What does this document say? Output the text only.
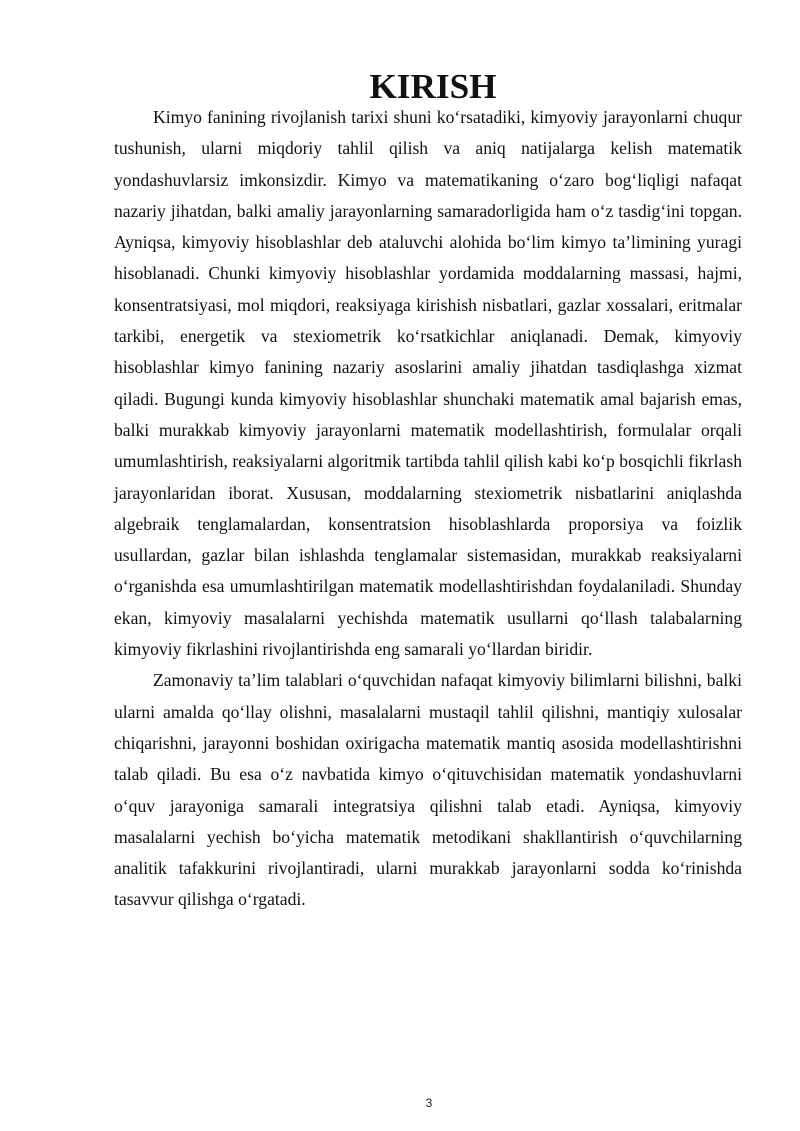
KIRISH

Kimyo fanining rivojlanish tarixi shuni ko‘rsatadiki, kimyoviy jarayonlarni chuqur tushunish, ularni miqdoriy tahlil qilish va aniq natijalarga kelish matematik yondashuvlarsiz imkonsizdir. Kimyo va matematikaning o‘zaro bog‘liqligi nafaqat nazariy jihatdan, balki amaliy jarayonlarning samaradorligida ham o‘z tasdig‘ini topgan. Ayniqsa, kimyoviy hisoblashlar deb ataluvchi alohida bo‘lim kimyo ta’limining yuragi hisoblanadi. Chunki kimyoviy hisoblashlar yordamida moddalarning massasi, hajmi, konsentratsiyasi, mol miqdori, reaksiyaga kirishish nisbatlari, gazlar xossalari, eritmalar tarkibi, energetik va stexiometrik ko‘rsatkichlar aniqlanadi. Demak, kimyoviy hisoblashlar kimyo fanining nazariy asoslarini amaliy jihatdan tasdiqlashga xizmat qiladi. Bugungi kunda kimyoviy hisoblashlar shunchaki matematik amal bajarish emas, balki murakkab kimyoviy jarayonlarni matematik modellashtirish, formulalar orqali umumlashtirish, reaksiyalarni algoritmik tartibda tahlil qilish kabi ko‘p bosqichli fikrlash jarayonlaridan iborat. Xususan, moddalarning stexiometrik nisbatlarini aniqlashda algebraik tenglamalardan, konsentratsion hisoblashlarda proporsiya va foizlik usullardan, gazlar bilan ishlashda tenglamalar sistemasidan, murakkab reaksiyalarni o‘rganishda esa umumlashtirilgan matematik modellashtirishdan foydalaniladi. Shunday ekan, kimyoviy masalalarni yechishda matematik usullarni qo‘llash talabalarning kimyoviy fikrlashini rivojlantirishda eng samarali yo‘llardan biridir.

Zamonaviy ta’lim talablari o‘quvchidan nafaqat kimyoviy bilimlarni bilishni, balki ularni amalda qo‘llay olishni, masalalarni mustaqil tahlil qilishni, mantiqiy xulosalar chiqarishni, jarayonni boshidan oxirigacha matematik mantiq asosida modellashtirishni talab qiladi. Bu esa o‘z navbatida kimyo o‘qituvchisidan matematik yondashuvlarni o‘quv jarayoniga samarali integratsiya qilishni talab etadi. Ayniqsa, kimyoviy masalalarni yechish bo‘yicha matematik metodikani shakllantirish o‘quvchilarning analitik tafakkurini rivojlantiradi, ularni murakkab jarayonlarni sodda ko‘rinishda tasavvur qilishga o‘rgatadi.

3
